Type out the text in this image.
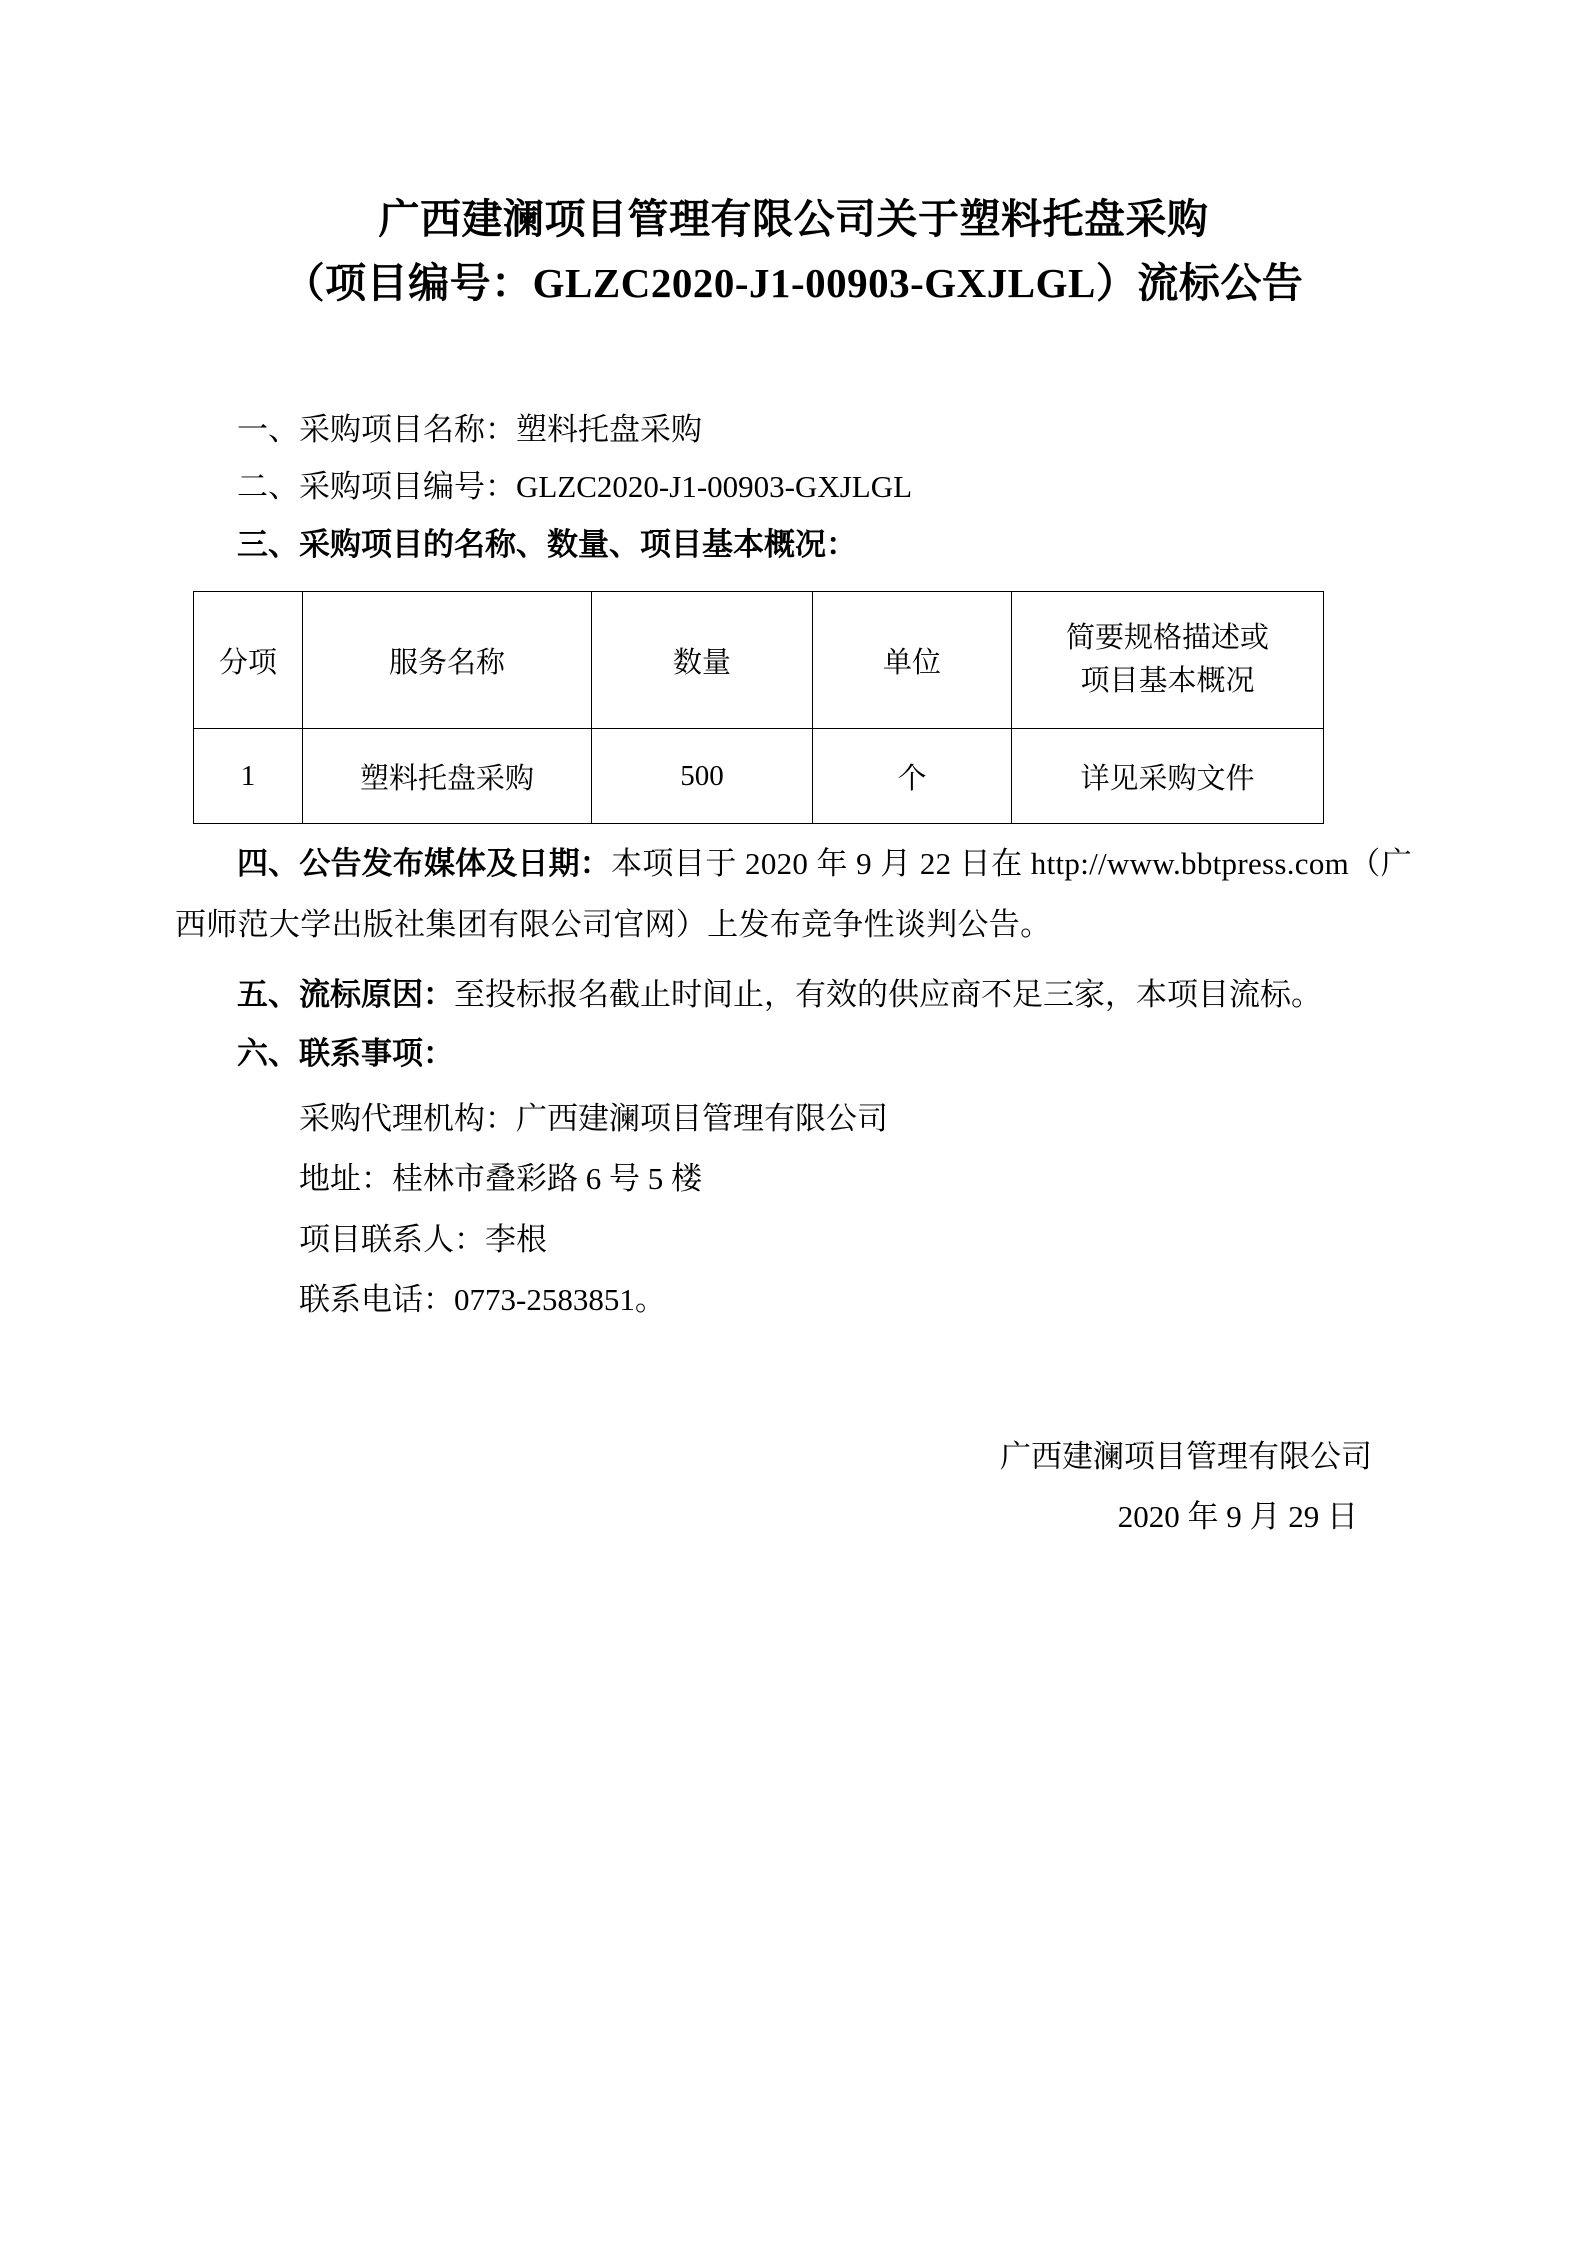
广西建澜项目管理有限公司关于塑料托盘采购
（项目编号：GLZC2020-J1-00903-GXJLGL）流标公告

一、采购项目名称：塑料托盘采购

二、采购项目编号：GLZC2020-J1-00903-GXJLGL

三、采购项目的名称、数量、项目基本概况：

分项	服务名称	数量	单位	简要规格描述或
项目基本概况

1	塑料托盘采购	500	个	详见采购文件

四、公告发布媒体及日期：本项目于 2020 年 9 月 22 日在 http://www.bbtpress.com（广西师范大学出版社集团有限公司官网）上发布竞争性谈判公告。

五、流标原因：至投标报名截止时间止，有效的供应商不足三家，本项目流标。

六、联系事项：

采购代理机构：广西建澜项目管理有限公司

地址：桂林市叠彩路 6 号 5 楼

项目联系人：李根

联系电话：0773-2583851。

广西建澜项目管理有限公司

2020 年 9 月 29 日
